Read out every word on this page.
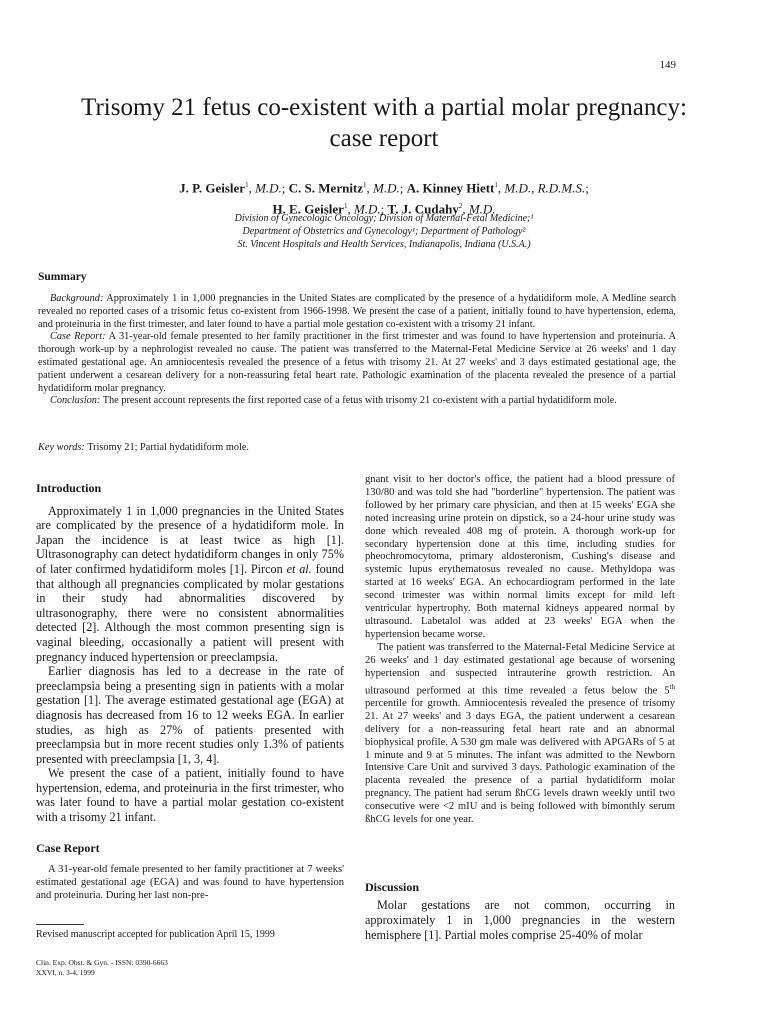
149
Trisomy 21 fetus co-existent with a partial molar pregnancy:
case report
J. P. Geisler$^1$, M.D.; C. S. Mernitz$^1$, M.D.; A. Kinney Hiett$^1$, M.D., R.D.M.S.;
H. E. Geisler$^1$, M.D.; T. J. Cudahy$^2$, M.D.
Division of Gynecologic Oncology; Division of Maternal-Fetal Medicine;¹
Department of Obstetrics and Gynecology¹; Department of Pathology²
St. Vincent Hospitals and Health Services, Indianapolis, Indiana (U.S.A.)
Summary

Background: Approximately 1 in 1,000 pregnancies in the United States are complicated by the presence of a hydatidiform mole. A Medline search revealed no reported cases of a trisomic fetus co-existent from 1966-1998. We present the case of a patient, initially found to have hypertension, edema, and proteinuria in the first trimester, and later found to have a partial mole gestation co-existent with a trisomy 21 infant.

Case Report: A 31-year-old female presented to her family practitioner in the first trimester and was found to have hypertension and proteinuria. A thorough work-up by a nephrologist revealed no cause. The patient was transferred to the Maternal-Fetal Medicine Service at 26 weeks' and 1 day estimated gestational age. An amniocentesis revealed the presence of a fetus with trisomy 21. At 27 weeks' and 3 days estimated gestational age, the patient underwent a cesarean delivery for a non-reassuring fetal heart rate. Pathologic examination of the placenta revealed the presence of a partial hydatidiform molar pregnancy.

Conclusion: The present account represents the first reported case of a fetus with trisomy 21 co-existent with a partial hydatidiform mole.

Key words: Trisomy 21; Partial hydatidiform mole.
Introduction

Approximately 1 in 1,000 pregnancies in the United States are complicated by the presence of a hydatidiform mole. In Japan the incidence is at least twice as high [1]. Ultrasonography can detect hydatidiform changes in only 75% of later confirmed hydatidiform moles [1]. Pircon et al. found that although all pregnancies complicated by molar gestations in their study had abnormalities discovered by ultrasonography, there were no consistent abnormalities detected [2]. Although the most common presenting sign is vaginal bleeding, occasionally a patient will present with pregnancy induced hypertension or preeclampsia.

Earlier diagnosis has led to a decrease in the rate of preeclampsia being a presenting sign in patients with a molar gestation [1]. The average estimated gestational age (EGA) at diagnosis has decreased from 16 to 12 weeks EGA. In earlier studies, as high as 27% of patients presented with preeclampsia but in more recent studies only 1.3% of patients presented with preeclampsia [1, 3, 4].

We present the case of a patient, initially found to have hypertension, edema, and proteinuria in the first trimester, who was later found to have a partial molar gestation co-existent with a trisomy 21 infant.

Case Report

A 31-year-old female presented to her family practitioner at 7 weeks' estimated gestational age (EGA) and was found to have hypertension and proteinuria. During her last non-pre-

gnant visit to her doctor's office, the patient had a blood pressure of 130/80 and was told she had "borderline" hypertension. The patient was followed by her primary care physician, and then at 15 weeks' EGA she noted increasing urine protein on dipstick, so a 24-hour urine study was done which revealed 408 mg of protein. A thorough work-up for secondary hypertension done at this time, including studies for pheochromocytoma, primary aldosteronism, Cushing's disease and systemic lupus erythematosus revealed no cause. Methyldopa was started at 16 weeks' EGA. An echocardiogram performed in the late second trimester was within normal limits except for mild left ventricular hypertrophy. Both maternal kidneys appeared normal by ultrasound. Labetalol was added at 23 weeks' EGA when the hypertension became worse.

The patient was transferred to the Maternal-Fetal Medicine Service at 26 weeks' and 1 day estimated gestational age because of worsening hypertension and suspected intrauterine growth restriction. An ultrasound performed at this time revealed a fetus below the 5th percentile for growth. Amniocentesis revealed the presence of trisomy 21. At 27 weeks' and 3 days EGA, the patient underwent a cesarean delivery for a non-reassuring fetal heart rate and an abnormal biophysical profile. A 530 gm male was delivered with APGARs of 5 at 1 minute and 9 at 5 minutes. The infant was admitted to the Newborn Intensive Care Unit and survived 3 days. Pathologic examination of the placenta revealed the presence of a partial hydatidiform molar pregnancy. The patient had serum ßhCG levels drawn weekly until two consecutive were <2 mIU and is being followed with bimonthly serum ßhCG levels for one year.

Discussion
Molar gestations are not common, occurring in approximately 1 in 1,000 pregnancies in the western hemisphere [1]. Partial moles comprise 25-40% of molar
Revised manuscript accepted for publication April 15, 1999
Clin. Exp. Obst. & Gyn. - ISSN: 0390-6663
XXVI, n. 3-4, 1999
